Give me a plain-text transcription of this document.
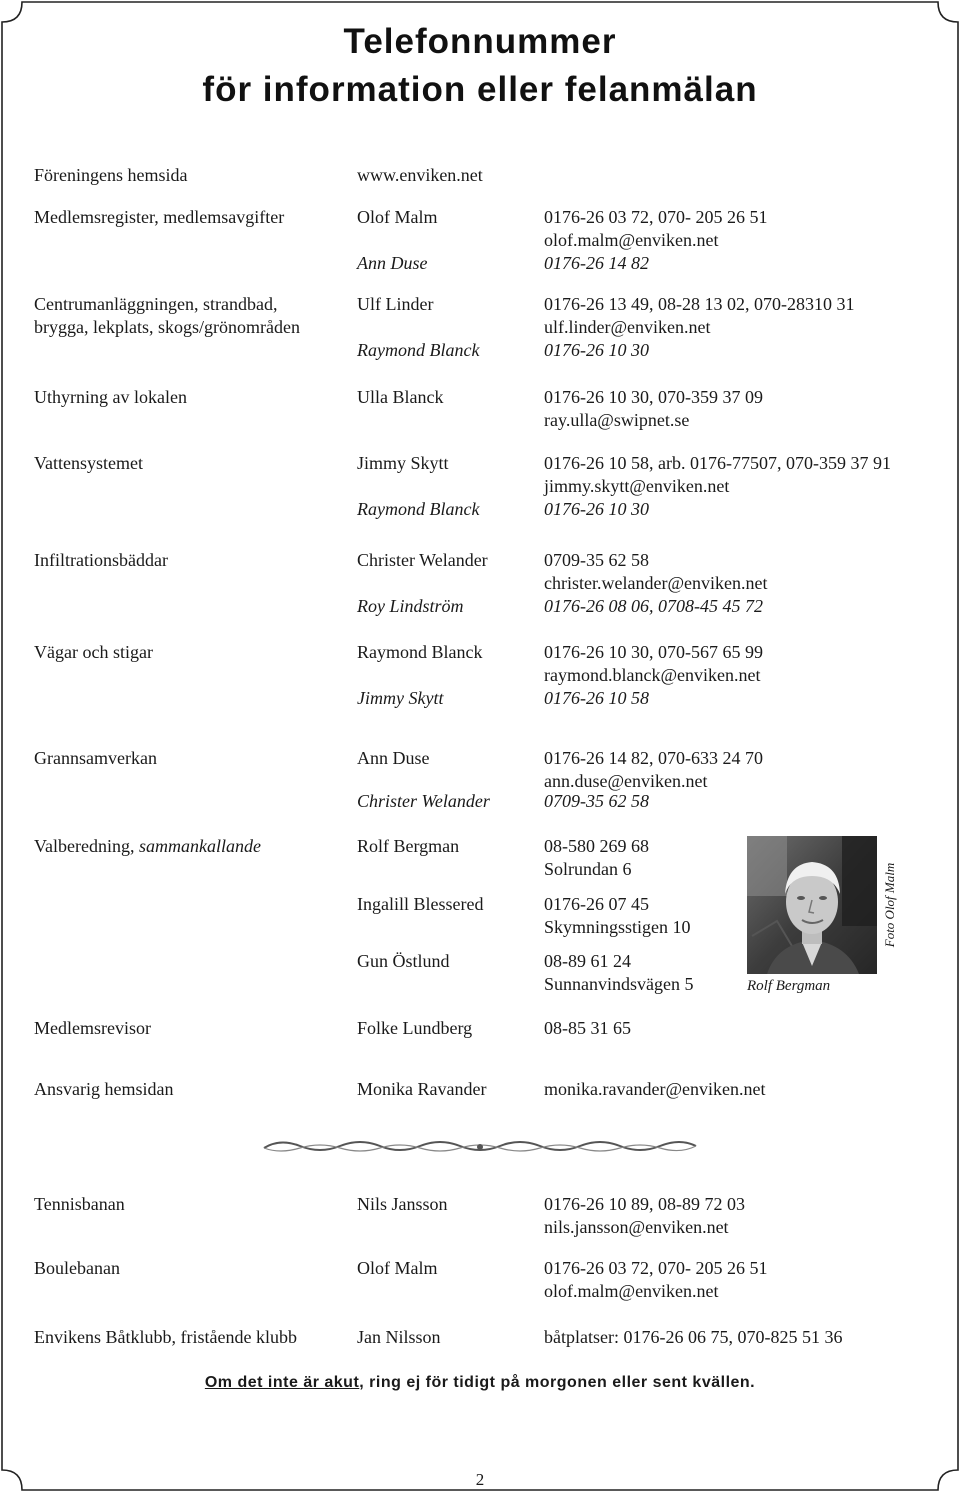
Telefonnummer
för information eller felanmälan
Föreningens hemsida	www.enviken.net
Medlemsregister, medlemsavgifter	Olof Malm	0176-26 03 72, 070- 205 26 51
olof.malm@enviken.net
Ann Duse	0176-26 14 82
Centrumanläggningen, strandbad,
brygga, lekplats, skogs/grönområden
Ulf Linder	0176-26 13 49, 08-28 13 02, 070-28310 31
ulf.linder@enviken.net
Raymond Blanck	0176-26 10 30
Uthyrning av lokalen	Ulla Blanck	0176-26 10 30, 070-359 37 09
ray.ulla@swipnet.se
Vattensystemet	Jimmy Skytt	0176-26 10 58, arb. 0176-77507, 070-359 37 91
jimmy.skytt@enviken.net
Raymond Blanck	0176-26 10 30
Infiltrationsbäddar	Christer Welander	0709-35 62 58
christer.welander@enviken.net
Roy Lindström	0176-26 08 06, 0708-45 45 72
Vägar och stigar	Raymond Blanck	0176-26 10 30, 070-567 65 99
raymond.blanck@enviken.net
Jimmy Skytt	0176-26 10 58
Grannsamverkan	Ann Duse	0176-26 14 82, 070-633 24 70
ann.duse@enviken.net
Christer Welander	0709-35 62 58
Valberedning, sammankallande	Rolf Bergman	08-580 269 68
Solrundan 6
Ingalill Blessered	0176-26 07 45
Skymningsstigen 10
Gun Östlund	08-89 61 24
Sunnanvindsvägen 5
Medlemsrevisor	Folke Lundberg	08-85 31 65
Ansvarig hemsidan	Monika Ravander	monika.ravander@enviken.net
Tennisbanan	Nils Jansson	0176-26 10 89, 08-89 72 03
nils.jansson@enviken.net
Boulebanan	Olof Malm	0176-26 03 72, 070- 205 26 51
olof.malm@enviken.net
Envikens Båtklubb, fristående klubb	Jan Nilsson	båtplatser: 0176-26 06 75, 070-825 51 36
Rolf Bergman
Foto Olof Malm
Om det inte är akut, ring ej för tidigt på morgonen eller sent kvällen.
2
